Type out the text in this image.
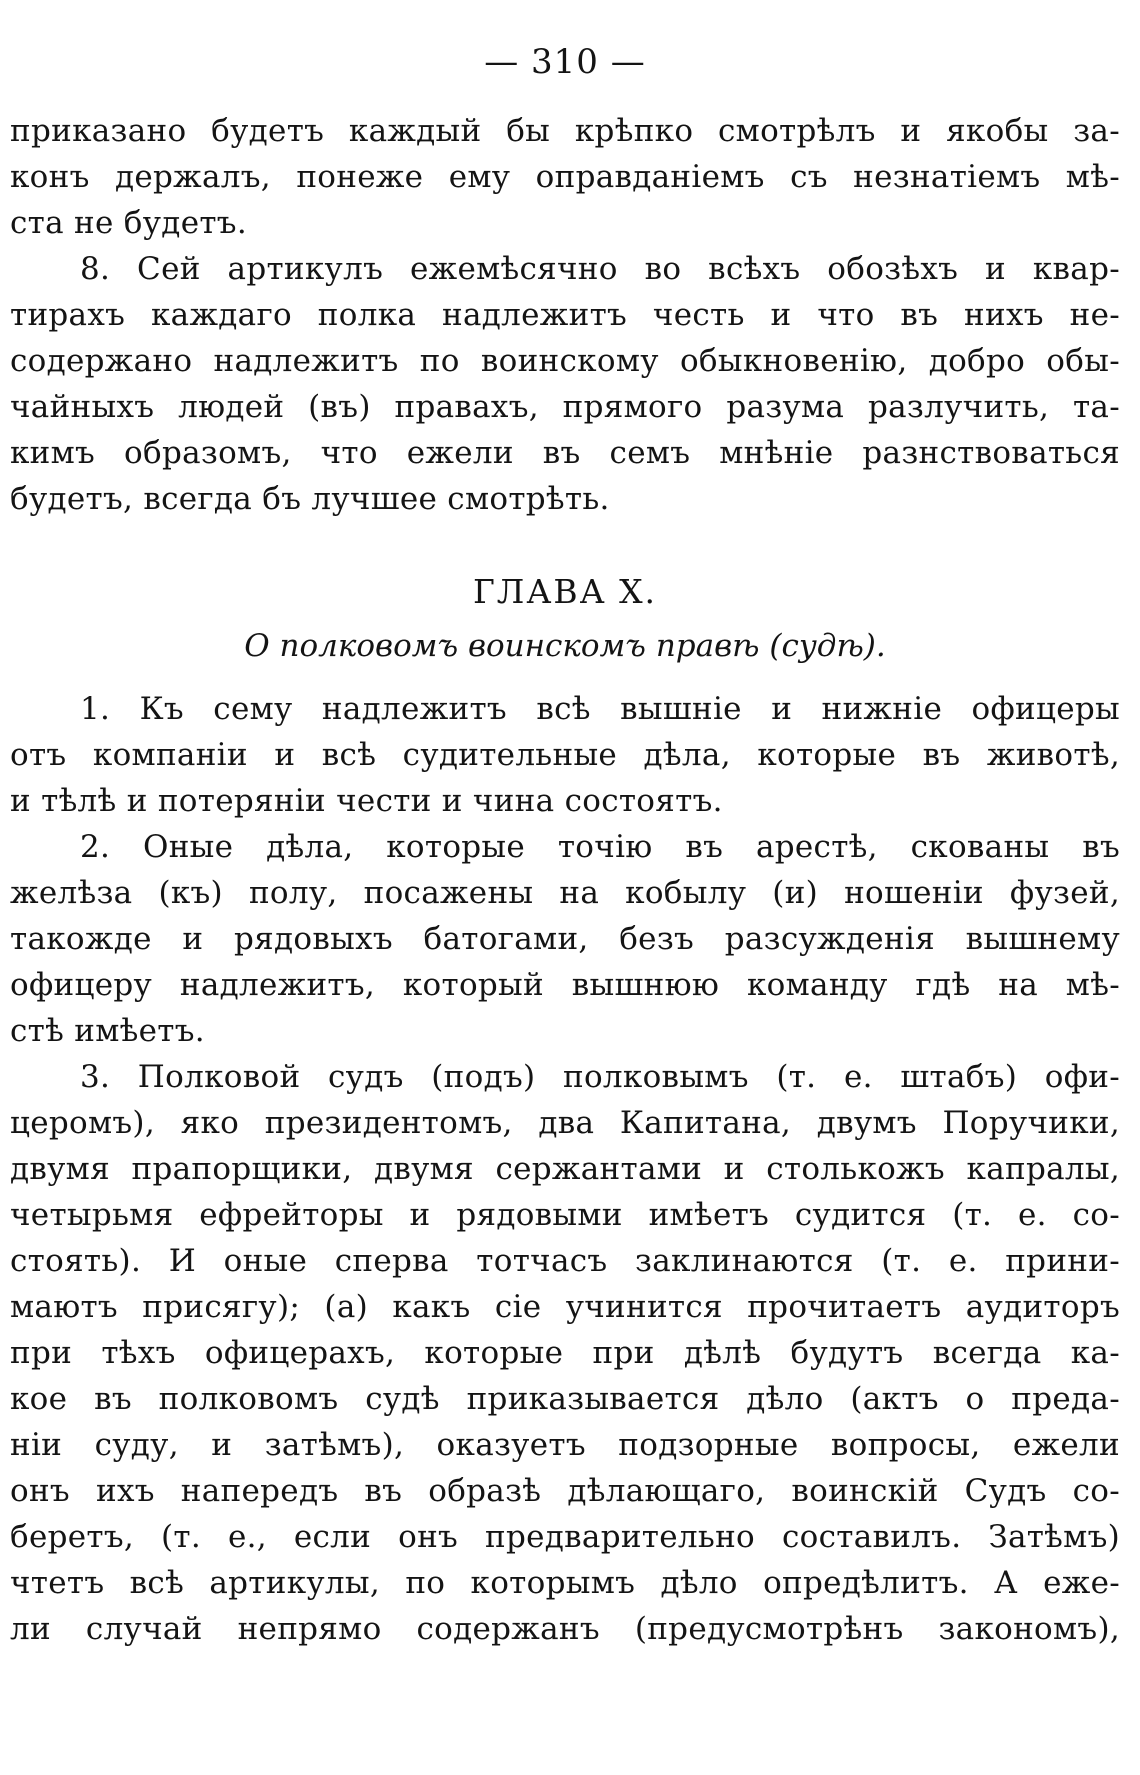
— 310 —
приказано будетъ каждый бы крѣпко смотрѣлъ и якобы за-
конъ держалъ, понеже ему оправданіемъ съ незнатіемъ мѣ-
ста не будетъ.
8. Сей артикулъ ежемѣсячно во всѣхъ обозѣхъ и квар-
тирахъ каждаго полка надлежитъ честь и что въ нихъ не-
содержано надлежитъ по воинскому обыкновенію, добро обы-
чайныхъ людей (въ) правахъ, прямого разума разлучить, та-
кимъ образомъ, что ежели въ семъ мнѣніе разнствоваться
будетъ, всегда бъ лучшее смотрѣть.
ГЛАВА X.
О полковомъ воинскомъ правѣ (судѣ).
1. Къ сему надлежитъ всѣ вышніе и нижніе офицеры
отъ компаніи и всѣ судительные дѣла, которые въ животѣ,
и тѣлѣ и потеряніи чести и чина состоятъ.
2. Оные дѣла, которые точію въ арестѣ, скованы въ
желѣза (къ) полу, посажены на кобылу (и) ношеніи фузей,
такожде и рядовыхъ батогами, безъ разсужденія вышнему
офицеру надлежитъ, который вышнюю команду гдѣ на мѣ-
стѣ имѣетъ.
3. Полковой судъ (подъ) полковымъ (т. е. штабъ) офи-
церомъ), яко президентомъ, два Капитана, двумъ Поручики,
двумя прапорщики, двумя сержантами и столькожъ капралы,
четырьмя ефрейторы и рядовыми имѣетъ судится (т. е. со-
стоять). И оные сперва тотчасъ заклинаются (т. е. прини-
маютъ присягу); (а) какъ сіе учинится прочитаетъ аудиторъ
при тѣхъ офицерахъ, которые при дѣлѣ будутъ всегда ка-
кое въ полковомъ судѣ приказывается дѣло (актъ о преда-
ніи суду, и затѣмъ), оказуетъ подзорные вопросы, ежели
онъ ихъ напередъ въ образѣ дѣлающаго, воинскій Судъ со-
беретъ, (т. е., если онъ предварительно составилъ. Затѣмъ)
чтетъ всѣ артикулы, по которымъ дѣло опредѣлитъ. А еже-
ли случай непрямо содержанъ (предусмотрѣнъ закономъ),
